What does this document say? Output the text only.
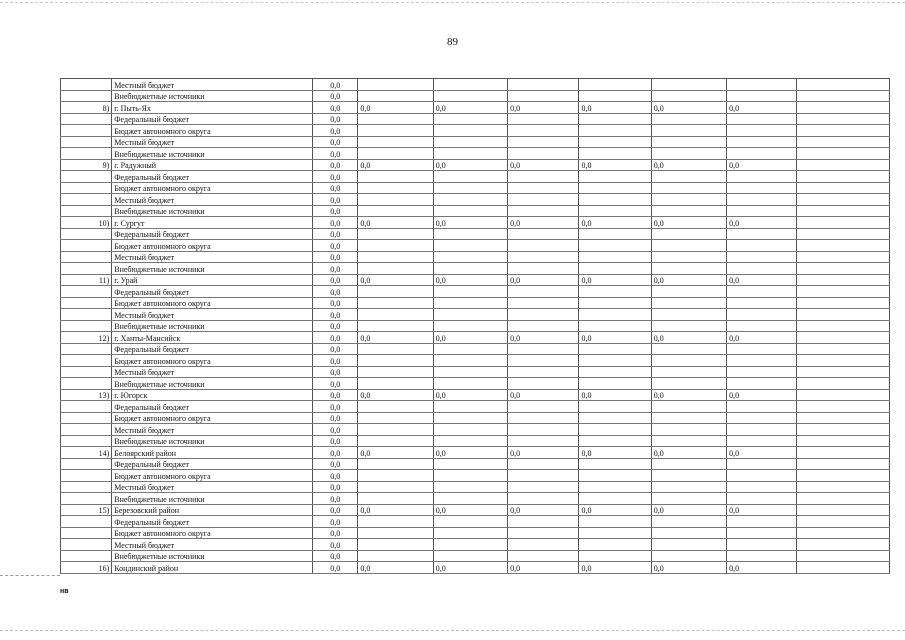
89
	Местный бюджет	0,0							
	Внебюджетные источники	0,0							
8)	г. Пыть-Ях	0,0	0,0	0,0	0,0	0,0	0,0	0,0	
	Федеральный бюджет	0,0							
	Бюджет автономного округа	0,0							
	Местный бюджет	0,0							
	Внебюджетные источники	0,0							
9)	г. Радужный	0,0	0,0	0,0	0,0	0,0	0,0	0,0	
	Федеральный бюджет	0,0							
	Бюджет автономного округа	0,0							
	Местный бюджет	0,0							
	Внебюджетные источники	0,0							
10)	г. Сургут	0,0	0,0	0,0	0,0	0,0	0,0	0,0	
	Федеральный бюджет	0,0							
	Бюджет автономного округа	0,0							
	Местный бюджет	0,0							
	Внебюджетные источники	0,0							
11)	г. Урай	0,0	0,0	0,0	0,0	0,0	0,0	0,0	
	Федеральный бюджет	0,0							
	Бюджет автономного округа	0,0							
	Местный бюджет	0,0							
	Внебюджетные источники	0,0							
12)	г. Ханты-Мансийск	0,0	0,0	0,0	0,0	0,0	0,0	0,0	
	Федеральный бюджет	0,0							
	Бюджет автономного округа	0,0							
	Местный бюджет	0,0							
	Внебюджетные источники	0,0							
13)	г. Югорск	0,0	0,0	0,0	0,0	0,0	0,0	0,0	
	Федеральный бюджет	0,0							
	Бюджет автономного округа	0,0							
	Местный бюджет	0,0							
	Внебюджетные источники	0,0							
14)	Белоярский район	0,0	0,0	0,0	0,0	0,0	0,0	0,0	
	Федеральный бюджет	0,0							
	Бюджет автономного округа	0,0							
	Местный бюджет	0,0							
	Внебюджетные источники	0,0							
15)	Березовский район	0,0	0,0	0,0	0,0	0,0	0,0	0,0	
	Федеральный бюджет	0,0							
	Бюджет автономного округа	0,0							
	Местный бюджет	0,0							
	Внебюджетные источники	0,0							
16)	Кондинский район	0,0	0,0	0,0	0,0	0,0	0,0	0,0	
нв
